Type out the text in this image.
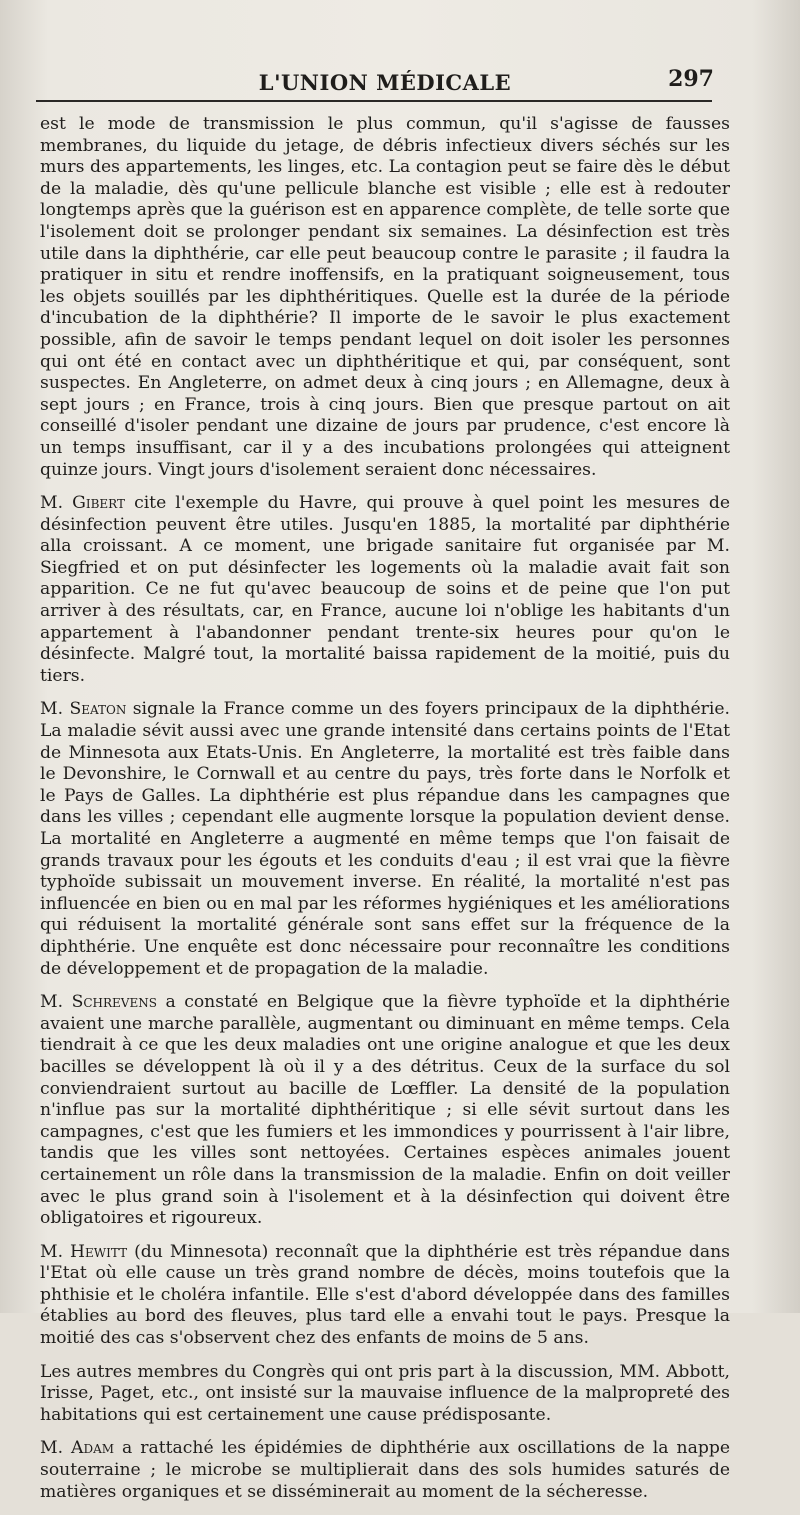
L'UNION MÉDICALE	297

est le mode de transmission le plus commun, qu'il s'agisse de fausses membranes, du liquide du jetage, de débris infectieux divers séchés sur les murs des appartements, les linges, etc. La contagion peut se faire dès le début de la maladie, dès qu'une pellicule blanche est visible ; elle est à redouter longtemps après que la guérison est en apparence complète, de telle sorte que l'isolement doit se prolonger pendant six semaines. La désinfection est très utile dans la diphthérie, car elle peut beaucoup contre le parasite ; il faudra la pratiquer in situ et rendre inoffensifs, en la pratiquant soigneusement, tous les objets souillés par les diphthéritiques. Quelle est la durée de la période d'incubation de la diphthérie? Il importe de le savoir le plus exactement possible, afin de savoir le temps pendant lequel on doit isoler les personnes qui ont été en contact avec un diphthéritique et qui, par conséquent, sont suspectes. En Angleterre, on admet deux à cinq jours ; en Allemagne, deux à sept jours ; en France, trois à cinq jours. Bien que presque partout on ait conseillé d'isoler pendant une dizaine de jours par prudence, c'est encore là un temps insuffisant, car il y a des incubations prolongées qui atteignent quinze jours. Vingt jours d'isolement seraient donc nécessaires.

M. Gibert cite l'exemple du Havre, qui prouve à quel point les mesures de désinfection peuvent être utiles. Jusqu'en 1885, la mortalité par diphthérie alla croissant. A ce moment, une brigade sanitaire fut organisée par M. Siegfried et on put désinfecter les logements où la maladie avait fait son apparition. Ce ne fut qu'avec beaucoup de soins et de peine que l'on put arriver à des résultats, car, en France, aucune loi n'oblige les habitants d'un appartement à l'abandonner pendant trente-six heures pour qu'on le désinfecte. Malgré tout, la mortalité baissa rapidement de la moitié, puis du tiers.

M. Seaton signale la France comme un des foyers principaux de la diphthérie. La maladie sévit aussi avec une grande intensité dans certains points de l'Etat de Minnesota aux Etats-Unis. En Angleterre, la mortalité est très faible dans le Devonshire, le Cornwall et au centre du pays, très forte dans le Norfolk et le Pays de Galles. La diphthérie est plus répandue dans les campagnes que dans les villes ; cependant elle augmente lorsque la population devient dense. La mortalité en Angleterre a augmenté en même temps que l'on faisait de grands travaux pour les égouts et les conduits d'eau ; il est vrai que la fièvre typhoïde subissait un mouvement inverse. En réalité, la mortalité n'est pas influencée en bien ou en mal par les réformes hygiéniques et les améliorations qui réduisent la mortalité générale sont sans effet sur la fréquence de la diphthérie. Une enquête est donc nécessaire pour reconnaître les conditions de développement et de propagation de la maladie.

M. Schrevens a constaté en Belgique que la fièvre typhoïde et la diphthérie avaient une marche parallèle, augmentant ou diminuant en même temps. Cela tiendrait à ce que les deux maladies ont une origine analogue et que les deux bacilles se développent là où il y a des détritus. Ceux de la surface du sol conviendraient surtout au bacille de Lœffler. La densité de la population n'influe pas sur la mortalité diphthéritique ; si elle sévit surtout dans les campagnes, c'est que les fumiers et les immondices y pourrissent à l'air libre, tandis que les villes sont nettoyées. Certaines espèces animales jouent certainement un rôle dans la transmission de la maladie. Enfin on doit veiller avec le plus grand soin à l'isolement et à la désinfection qui doivent être obligatoires et rigoureux.

M. Hewitt (du Minnesota) reconnaît que la diphthérie est très répandue dans l'Etat où elle cause un très grand nombre de décès, moins toutefois que la phthisie et le choléra infantile. Elle s'est d'abord développée dans des familles établies au bord des fleuves, plus tard elle a envahi tout le pays. Presque la moitié des cas s'observent chez des enfants de moins de 5 ans.

Les autres membres du Congrès qui ont pris part à la discussion, MM. Abbott, Irisse, Paget, etc., ont insisté sur la mauvaise influence de la malpropreté des habitations qui est certainement une cause prédisposante.

M. Adam a rattaché les épidémies de diphthérie aux oscillations de la nappe souterraine ; le microbe se multiplierait dans des sols humides saturés de matières organiques et se disséminerait au moment de la sécheresse.
